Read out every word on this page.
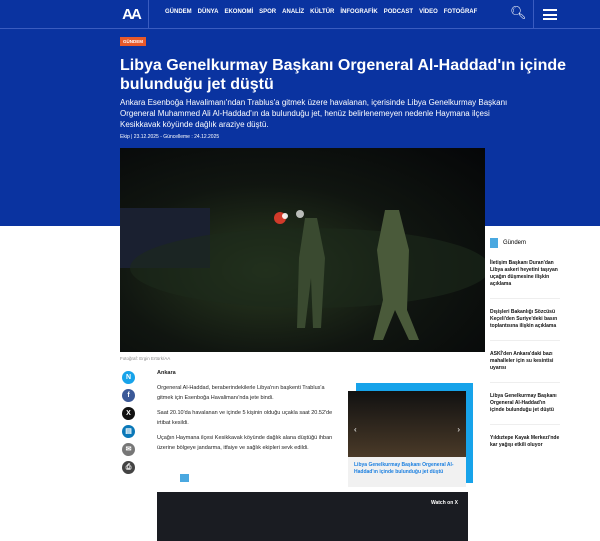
AA	GÜNDEM DÜNYA EKONOMİ SPOR ANALİZ KÜLTÜR İNFOGRAFİK PODCAST VİDEO FOTOĞRAF	🔍︎
GÜNDEM
Libya Genelkurmay Başkanı Orgeneral Al-Haddad'ın içinde bulunduğu jet düştü
Ankara Esenboğa Havalimanı'ndan Trablus'a gitmek üzere havalanan, içerisinde Libya Genelkurmay Başkanı Orgeneral Muhammed Ali Al-Haddad'ın da bulunduğu jet, henüz belirlenemeyen nedenle Haymana ilçesi Kesikkavak köyünde dağlık araziye düştü.
Ekip | 23.12.2025 - Güncelleme : 24.12.2025
Fotoğraf: Ergin Ertürk/AA
N
f
X
▤
✉
⎙

Ankara

Orgeneral Al-Haddad, beraberindekilerle Libya'nın başkenti Trablus'a gitmek için Esenboğa Havalimanı'nda jete bindi.

Saat 20.10'da havalanan ve içinde 5 kişinin olduğu uçakla saat 20.52'de irtibat kesildi.

Uçağın Haymana ilçesi Kesikkavak köyünde dağlık alana düştüğü ihbarı üzerine bölgeye jandarma, itfaiye ve sağlık ekipleri sevk edildi.

‹	›
Libya Genelkurmay Başkanı Orgeneral Al-Haddad'ın içinde bulunduğu jet düştü
Watch on X
Gündem
İletişim Başkanı Duran'dan Libya askeri heyetini taşıyan uçağın düşmesine ilişkin açıklama
Dışişleri Bakanlığı Sözcüsü Keçeli'den Suriye'deki basın toplantısına ilişkin açıklama
ASKİ'den Ankara'daki bazı mahalleler için su kesintisi uyarısı
Libya Genelkurmay Başkanı Orgeneral Al-Haddad'ın içinde bulunduğu jet düştü
Yıldıztepe Kayak Merkezi'nde kar yağışı etkili oluyor
